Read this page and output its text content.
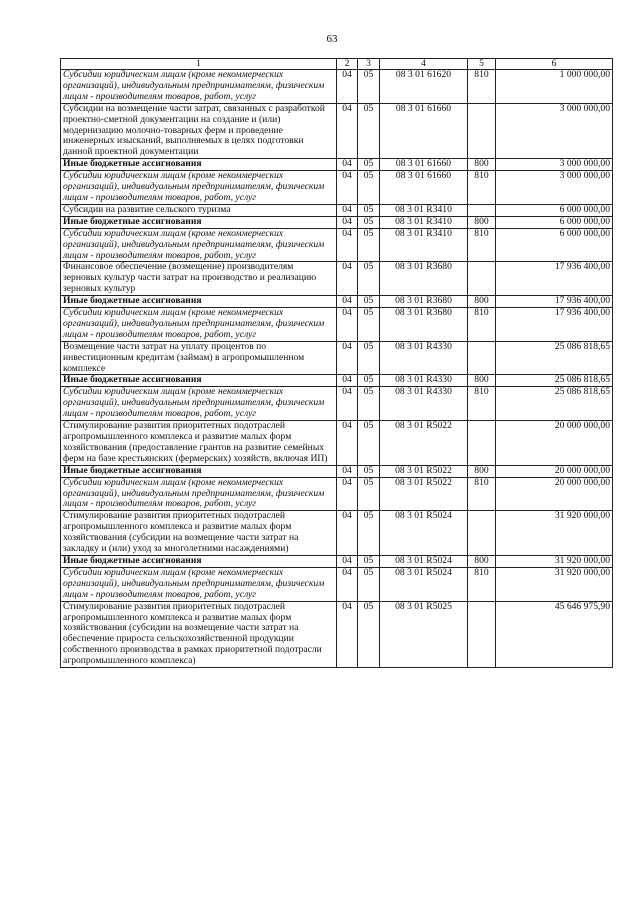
63
1	2	3	4	5	6
Субсидии юридическим лицам (кроме некоммерческих организаций), индивидуальным предпринимателям, физическим лицам - производителям товаров, работ, услуг	04	05	08 3 01 61620	810	1 000 000,00
Субсидии на возмещение части затрат, связанных с разработкой проектно-сметной документации на создание и (или) модернизацию молочно-товарных ферм и проведение инженерных изысканий, выполняемых в целях подготовки данной проектной документации	04	05	08 3 01 61660		3 000 000,00
Иные бюджетные ассигнования	04	05	08 3 01 61660	800	3 000 000,00
Субсидии юридическим лицам (кроме некоммерческих организаций), индивидуальным предпринимателям, физическим лицам - производителям товаров, работ, услуг	04	05	08 3 01 61660	810	3 000 000,00
Субсидии на развитие сельского туризма	04	05	08 3 01 R3410		6 000 000,00
Иные бюджетные ассигнования	04	05	08 3 01 R3410	800	6 000 000,00
Субсидии юридическим лицам (кроме некоммерческих организаций), индивидуальным предпринимателям, физическим лицам - производителям товаров, работ, услуг	04	05	08 3 01 R3410	810	6 000 000,00
Финансовое обеспечение (возмещение) производителям зерновых культур части затрат на производство и реализацию зерновых культур	04	05	08 3 01 R3680		17 936 400,00
Иные бюджетные ассигнования	04	05	08 3 01 R3680	800	17 936 400,00
Субсидии юридическим лицам (кроме некоммерческих организаций), индивидуальным предпринимателям, физическим лицам - производителям товаров, работ, услуг	04	05	08 3 01 R3680	810	17 936 400,00
Возмещение части затрат на уплату процентов по инвестиционным кредитам (займам) в агропромышленном комплексе	04	05	08 3 01 R4330		25 086 818,65
Иные бюджетные ассигнования	04	05	08 3 01 R4330	800	25 086 818,65
Субсидии юридическим лицам (кроме некоммерческих организаций), индивидуальным предпринимателям, физическим лицам - производителям товаров, работ, услуг	04	05	08 3 01 R4330	810	25 086 818,65
Стимулирование развития приоритетных подотраслей агропромышленного комплекса и развитие малых форм хозяйствования (предоставление грантов на развитие семейных ферм на базе крестьянских (фермерских) хозяйств, включая ИП)	04	05	08 3 01 R5022		20 000 000,00
Иные бюджетные ассигнования	04	05	08 3 01 R5022	800	20 000 000,00
Субсидии юридическим лицам (кроме некоммерческих организаций), индивидуальным предпринимателям, физическим лицам - производителям товаров, работ, услуг	04	05	08 3 01 R5022	810	20 000 000,00
Стимулирование развития приоритетных подотраслей агропромышленного комплекса и развитие малых форм хозяйствования (субсидии на возмещение части затрат на закладку и (или) уход за многолетними насаждениями)	04	05	08 3 01 R5024		31 920 000,00
Иные бюджетные ассигнования	04	05	08 3 01 R5024	800	31 920 000,00
Субсидии юридическим лицам (кроме некоммерческих организаций), индивидуальным предпринимателям, физическим лицам - производителям товаров, работ, услуг	04	05	08 3 01 R5024	810	31 920 000,00
Стимулирование развития приоритетных подотраслей агропромышленного комплекса и развитие малых форм хозяйствования (субсидии на возмещение части затрат на обеспечение прироста сельскохозяйственной продукции собственного производства в рамках приоритетной подотрасли агропромышленного комплекса)	04	05	08 3 01 R5025		45 646 975,90
